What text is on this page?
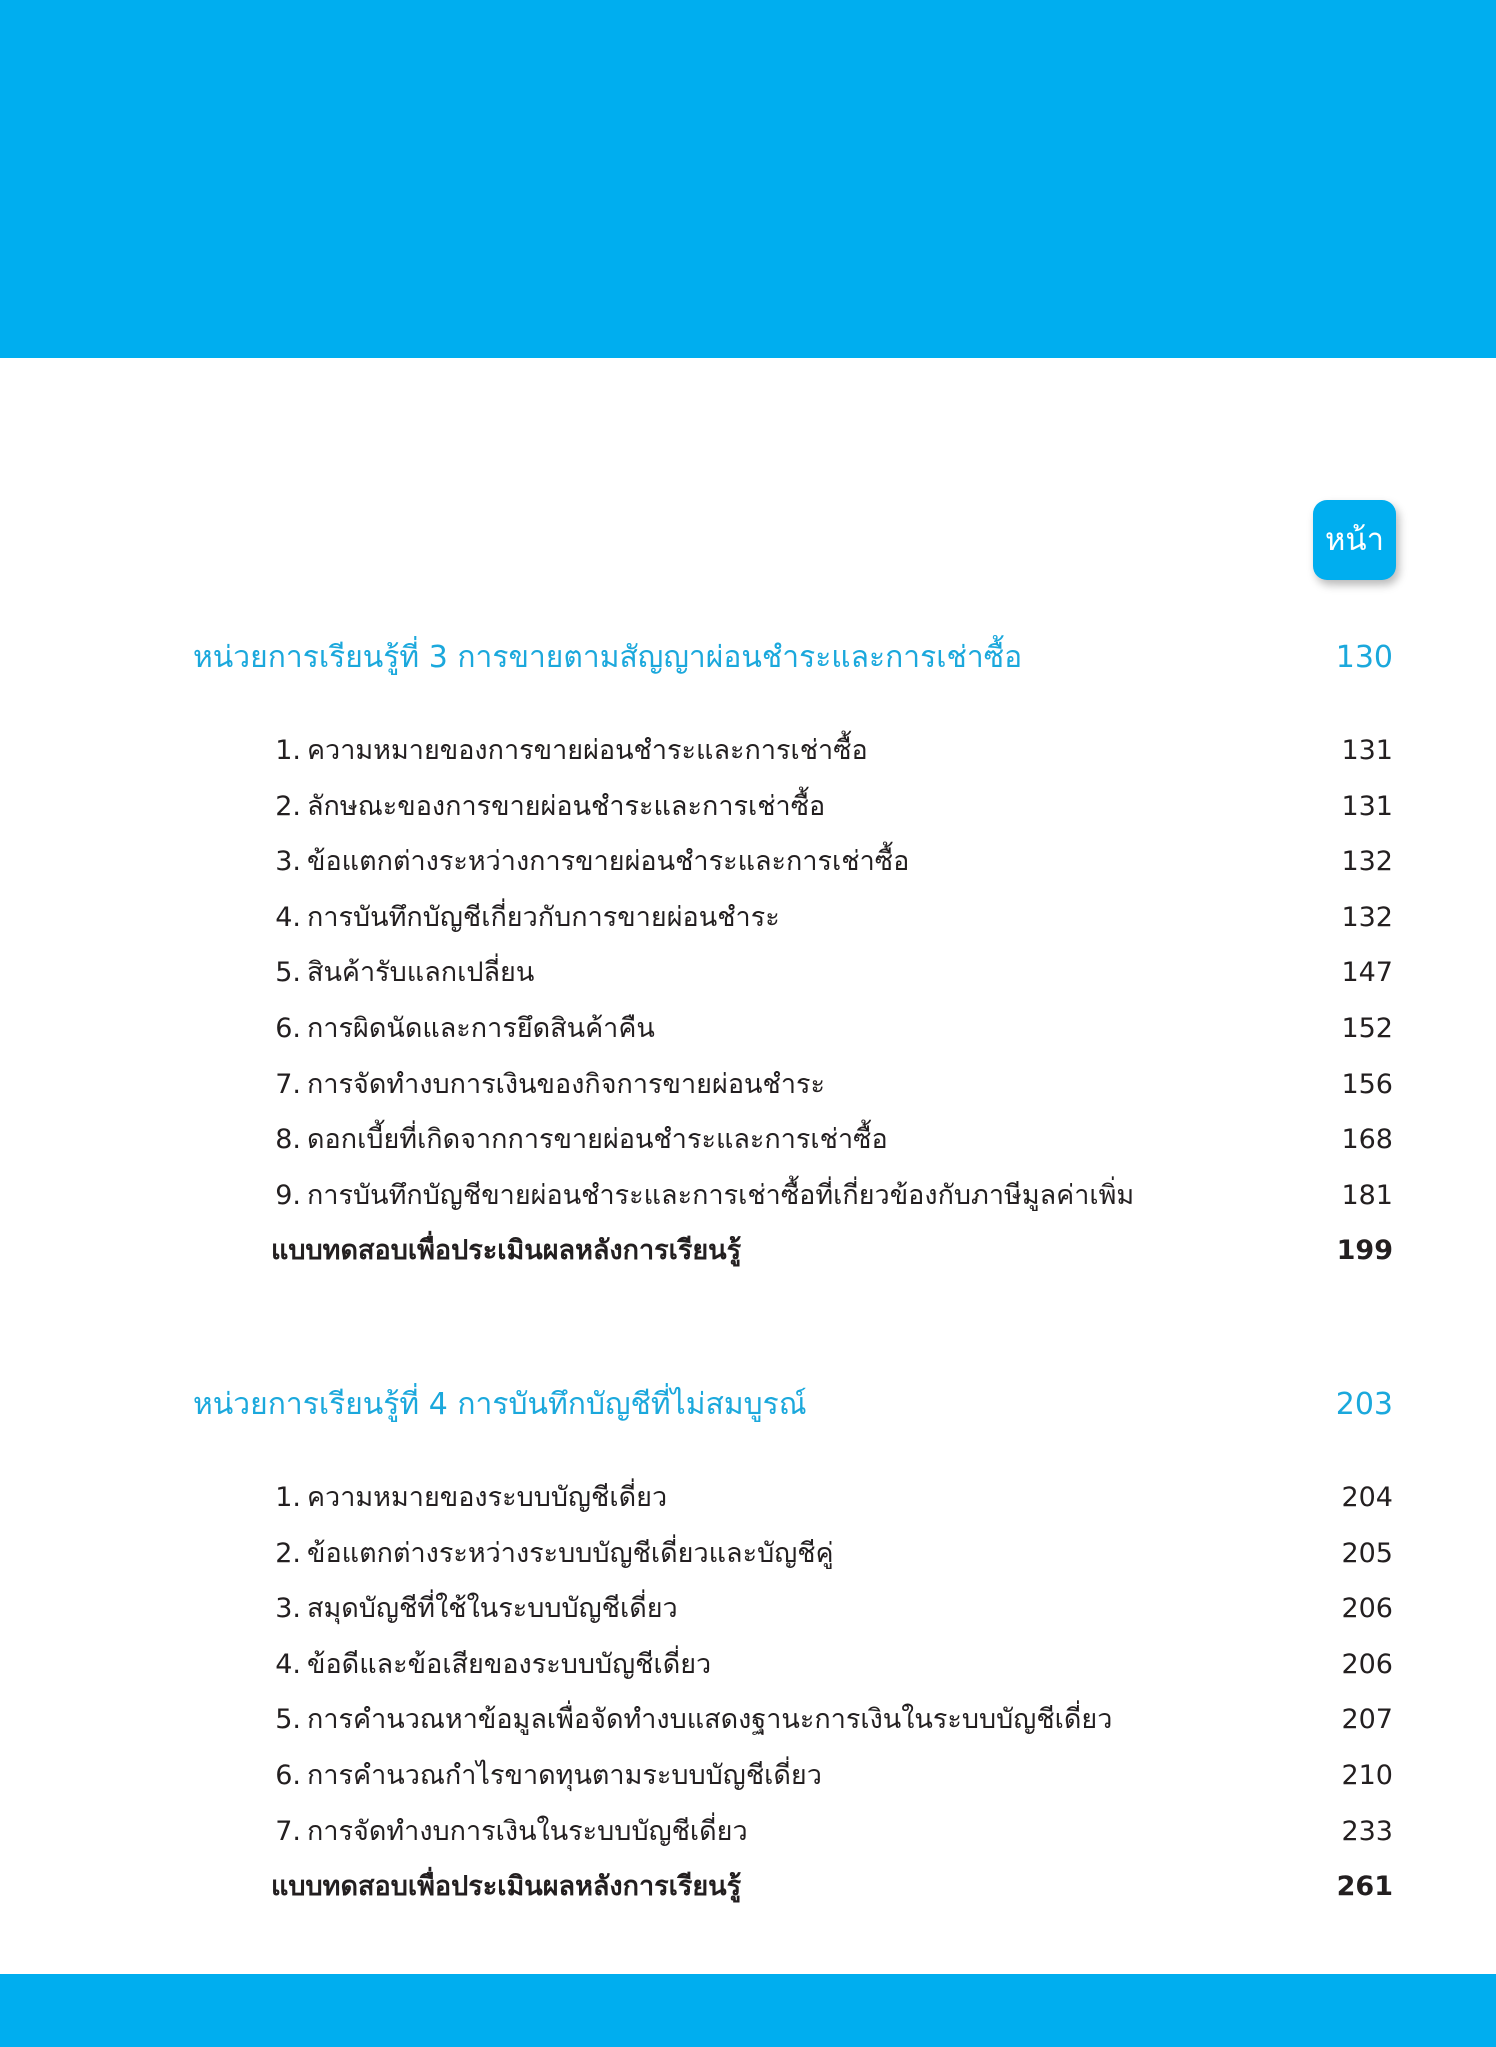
หน้า
หน่วยการเรียนรู้ที่ 3 การขายตามสัญญาผ่อนชำระและการเช่าซื้อ	130
1. ความหมายของการขายผ่อนชำระและการเช่าซื้อ	131
2. ลักษณะของการขายผ่อนชำระและการเช่าซื้อ	131
3. ข้อแตกต่างระหว่างการขายผ่อนชำระและการเช่าซื้อ	132
4. การบันทึกบัญชีเกี่ยวกับการขายผ่อนชำระ	132
5. สินค้ารับแลกเปลี่ยน	147
6. การผิดนัดและการยึดสินค้าคืน	152
7. การจัดทำงบการเงินของกิจการขายผ่อนชำระ	156
8. ดอกเบี้ยที่เกิดจากการขายผ่อนชำระและการเช่าซื้อ	168
9. การบันทึกบัญชีขายผ่อนชำระและการเช่าซื้อที่เกี่ยวข้องกับภาษีมูลค่าเพิ่ม	181
แบบทดสอบเพื่อประเมินผลหลังการเรียนรู้	199
หน่วยการเรียนรู้ที่ 4 การบันทึกบัญชีที่ไม่สมบูรณ์	203
1. ความหมายของระบบบัญชีเดี่ยว	204
2. ข้อแตกต่างระหว่างระบบบัญชีเดี่ยวและบัญชีคู่	205
3. สมุดบัญชีที่ใช้ในระบบบัญชีเดี่ยว	206
4. ข้อดีและข้อเสียของระบบบัญชีเดี่ยว	206
5. การคำนวณหาข้อมูลเพื่อจัดทำงบแสดงฐานะการเงินในระบบบัญชีเดี่ยว	207
6. การคำนวณกำไรขาดทุนตามระบบบัญชีเดี่ยว	210
7. การจัดทำงบการเงินในระบบบัญชีเดี่ยว	233
แบบทดสอบเพื่อประเมินผลหลังการเรียนรู้	261
